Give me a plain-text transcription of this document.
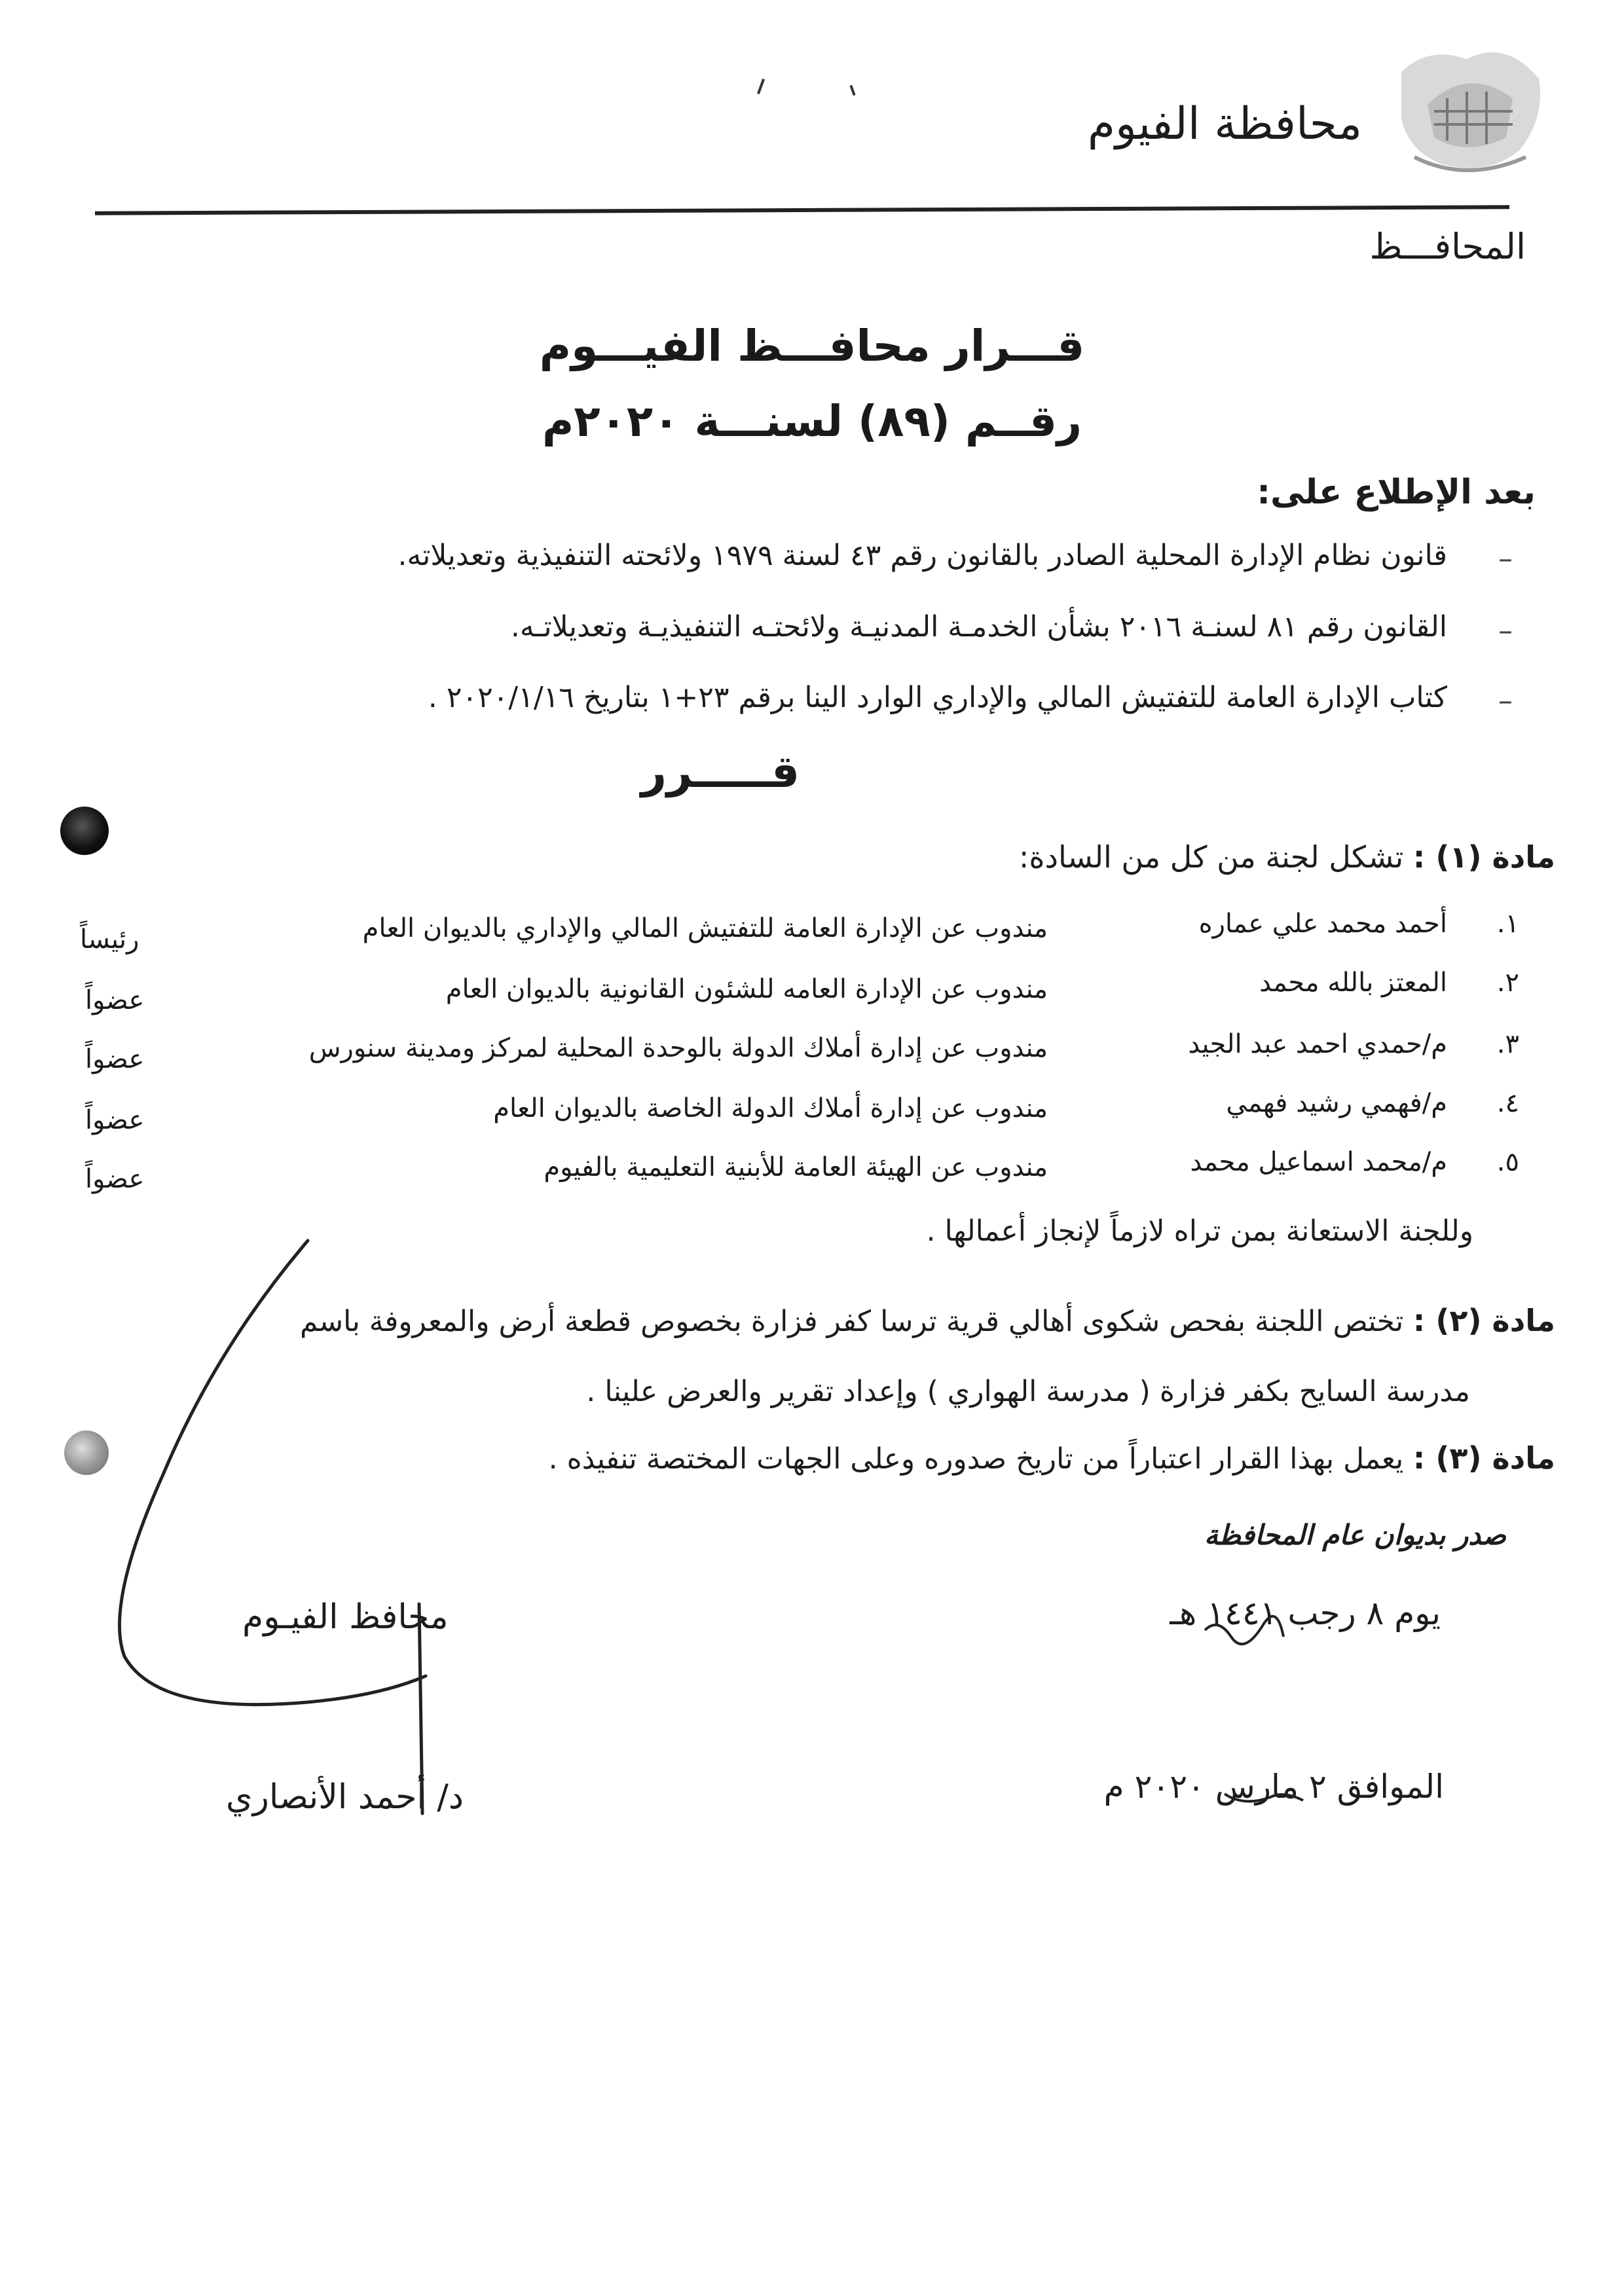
محافظة الفيوم
المحافـــظ
قـــرار محافـــظ الفيـــوم
رقــم (٨٩) لسنـــة ٢٠٢٠م
بعد الإطلاع على:
–
قانون نظام الإدارة المحلية الصادر بالقانون رقم ٤٣ لسنة ١٩٧٩ ولائحته التنفيذية وتعديلاته.
–
القانون رقم ٨١ لسنـة ٢٠١٦ بشأن الخدمـة المدنيـة ولائحتـه التنفيذيـة وتعديلاتـه.
–
كتاب الإدارة العامة للتفتيش المالي والإداري الوارد الينا برقم ٢٣+١ بتاريخ ٢٠٢٠/١/١٦ .
قـــــرر
مادة (١) : تشكل لجنة من كل من السادة:
١.
أحمد محمد علي عماره
مندوب عن الإدارة العامة للتفتيش المالي والإداري بالديوان العام
رئيساً
٢.
المعتز بالله محمد
مندوب عن الإدارة العامه للشئون القانونية بالديوان العام
عضواً
٣.
م/حمدي احمد عبد الجيد
مندوب عن إدارة أملاك الدولة بالوحدة المحلية لمركز ومدينة سنورس
عضواً
٤.
م/فهمي رشيد فهمي
مندوب عن إدارة أملاك الدولة الخاصة بالديوان العام
عضواً
٥.
م/محمد اسماعيل محمد
مندوب عن الهيئة العامة للأبنية التعليمية بالفيوم
عضواً
وللجنة الاستعانة بمن تراه لازماً لإنجاز أعمالها .
مادة (٢) : تختص اللجنة بفحص شكوى أهالي قرية ترسا كفر فزارة بخصوص قطعة أرض والمعروفة باسم
مدرسة السايح بكفر فزارة ( مدرسة الهواري ) وإعداد تقرير والعرض علينا .
مادة (٣) : يعمل بهذا القرار اعتباراً من تاريخ صدوره وعلى الجهات المختصة تنفيذه .
صدر بديوان عام المحافظة
يوم ٨ رجب ١٤٤١ هـ
الموافق ٢ مارس ٢٠٢٠ م
محافظ الفيـوم
د/ أحمد الأنصاري
